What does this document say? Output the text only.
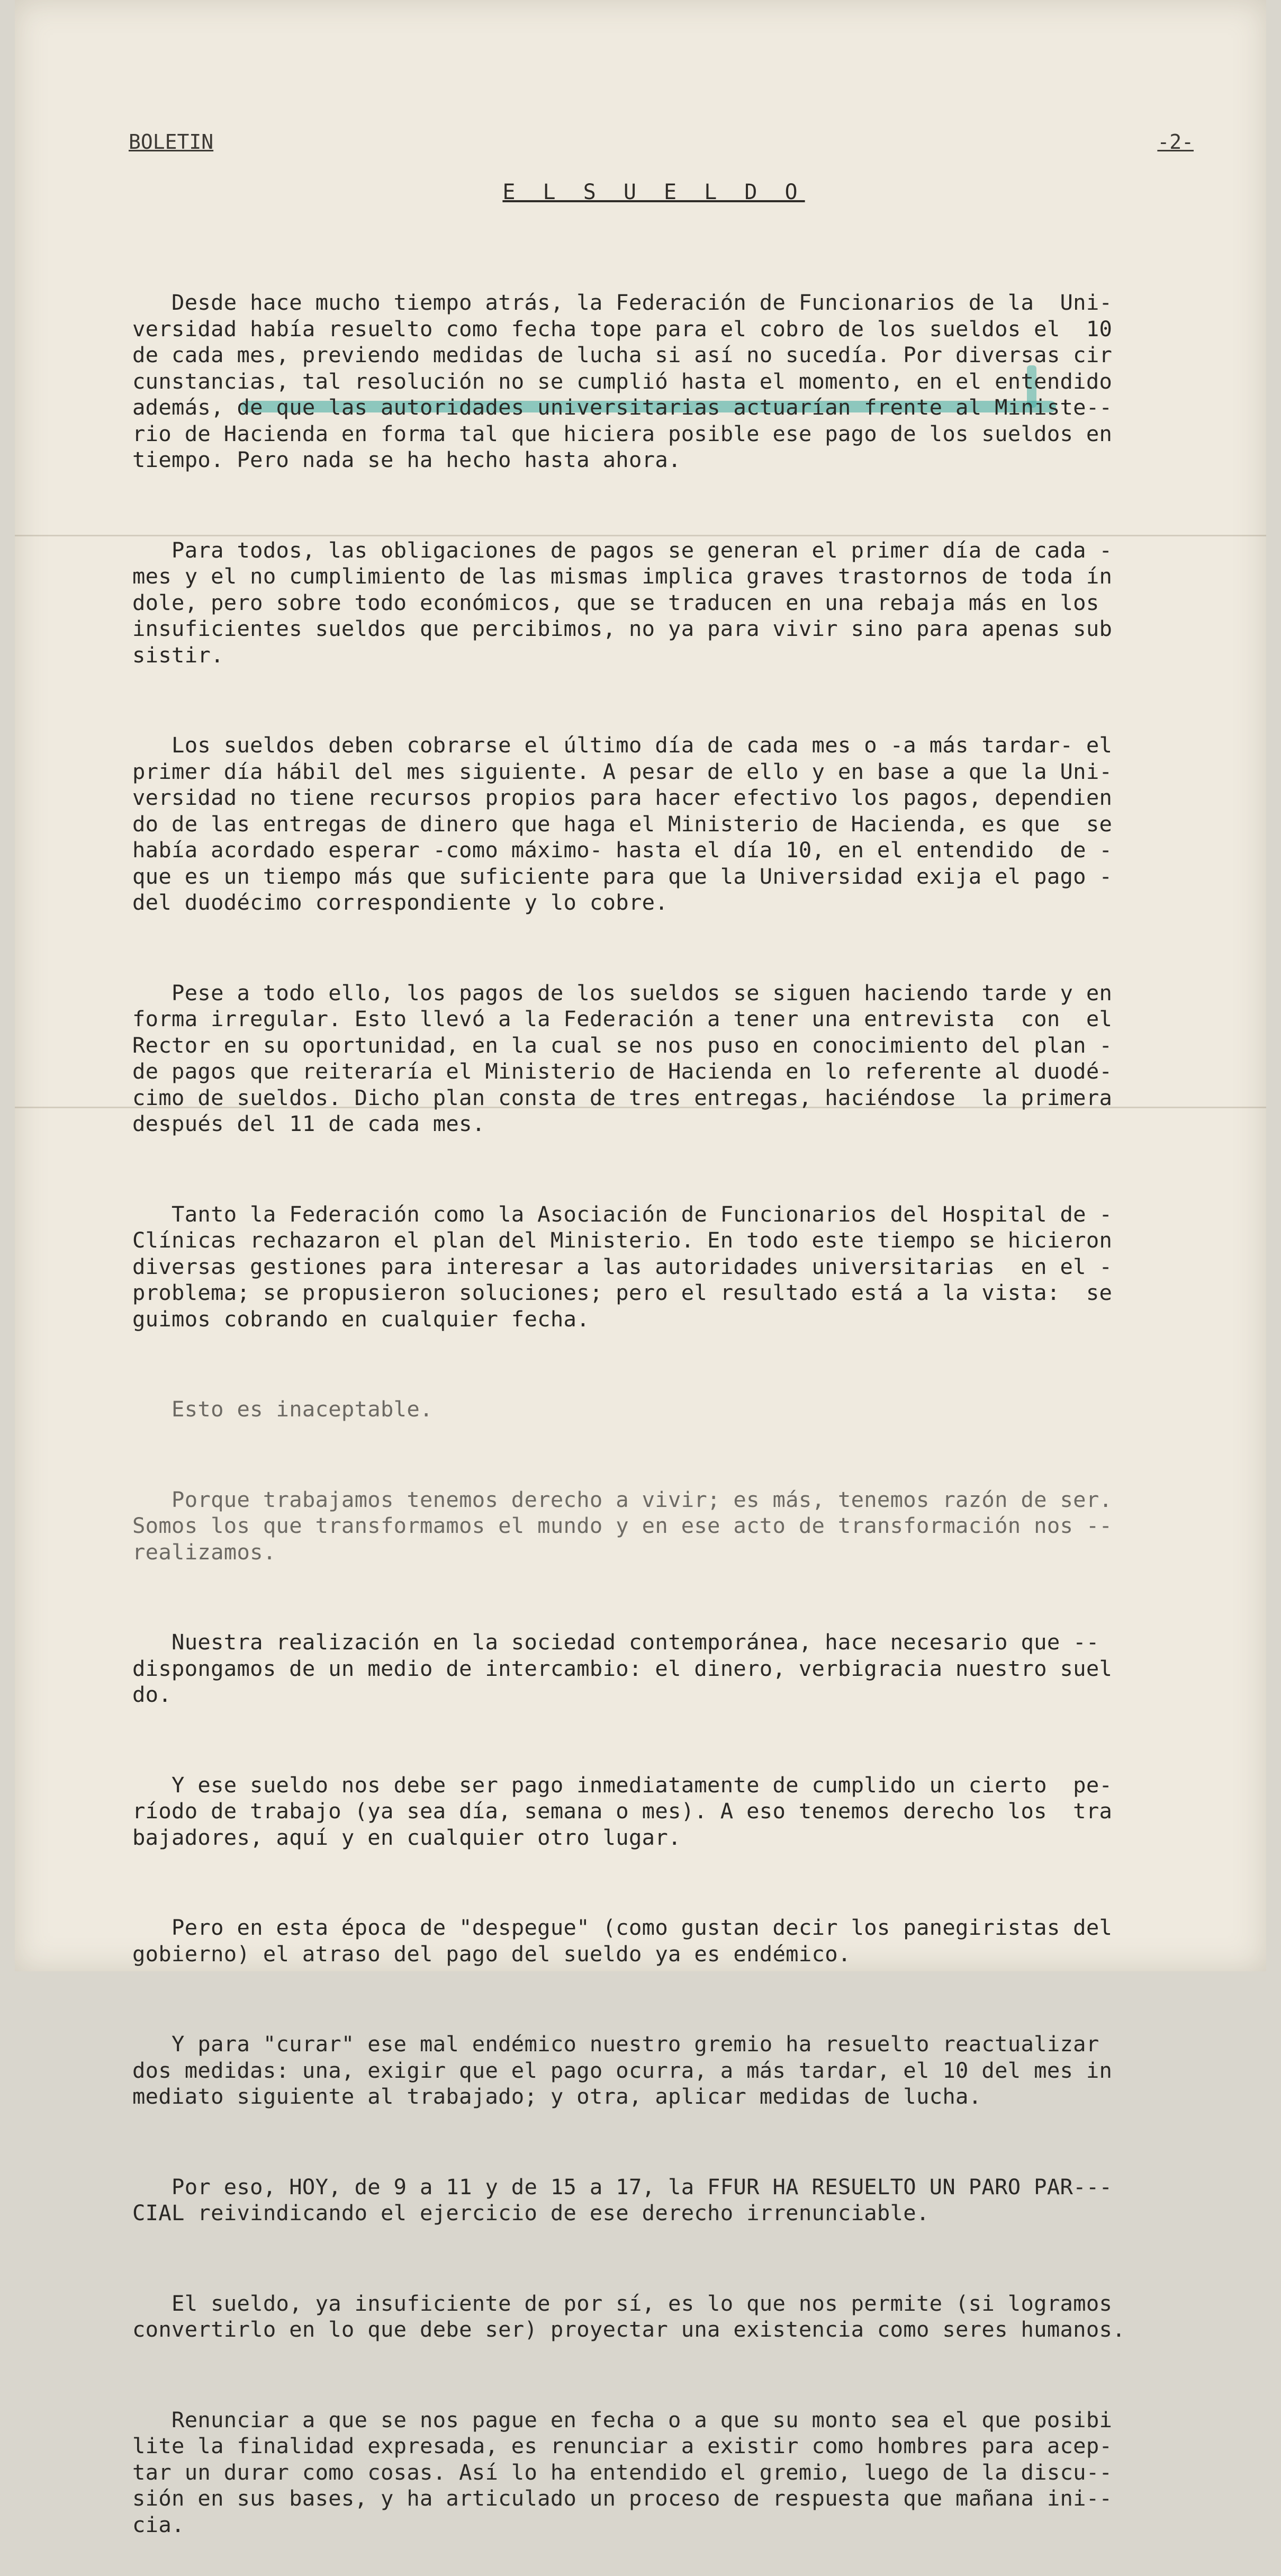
BOLETIN	-2-
E L S U E L D O

Desde hace mucho tiempo atrás, la Federación de Funcionarios de la  Uni-
versidad había resuelto como fecha tope para el cobro de los sueldos el  10
de cada mes, previendo medidas de lucha si así no sucedía. Por diversas cir
cunstancias, tal resolución no se cumplió hasta el momento, en el entendido
además, de que las autoridades universitarias actuarían frente al Ministe--
rio de Hacienda en forma tal que hiciera posible ese pago de los sueldos en
tiempo. Pero nada se ha hecho hasta ahora.

Para todos, las obligaciones de pagos se generan el primer día de cada -
mes y el no cumplimiento de las mismas implica graves trastornos de toda ín
dole, pero sobre todo económicos, que se traducen en una rebaja más en los
insuficientes sueldos que percibimos, no ya para vivir sino para apenas sub
sistir.

Los sueldos deben cobrarse el último día de cada mes o -a más tardar- el
primer día hábil del mes siguiente. A pesar de ello y en base a que la Uni-
versidad no tiene recursos propios para hacer efectivo los pagos, dependien
do de las entregas de dinero que haga el Ministerio de Hacienda, es que  se
había acordado esperar -como máximo- hasta el día 10, en el entendido  de -
que es un tiempo más que suficiente para que la Universidad exija el pago -
del duodécimo correspondiente y lo cobre.

Pese a todo ello, los pagos de los sueldos se siguen haciendo tarde y en
forma irregular. Esto llevó a la Federación a tener una entrevista  con  el
Rector en su oportunidad, en la cual se nos puso en conocimiento del plan -
de pagos que reiteraría el Ministerio de Hacienda en lo referente al duodé-
cimo de sueldos. Dicho plan consta de tres entregas, haciéndose  la primera
después del 11 de cada mes.

Tanto la Federación como la Asociación de Funcionarios del Hospital de -
Clínicas rechazaron el plan del Ministerio. En todo este tiempo se hicieron
diversas gestiones para interesar a las autoridades universitarias  en el -
problema; se propusieron soluciones; pero el resultado está a la vista:  se
guimos cobrando en cualquier fecha.

Esto es inaceptable.

Porque trabajamos tenemos derecho a vivir; es más, tenemos razón de ser.
Somos los que transformamos el mundo y en ese acto de transformación nos --
realizamos.

Nuestra realización en la sociedad contemporánea, hace necesario que --
dispongamos de un medio de intercambio: el dinero, verbigracia nuestro suel
do.

Y ese sueldo nos debe ser pago inmediatamente de cumplido un cierto  pe-
ríodo de trabajo (ya sea día, semana o mes). A eso tenemos derecho los  tra
bajadores, aquí y en cualquier otro lugar.

Pero en esta época de "despegue" (como gustan decir los panegiristas del
gobierno) el atraso del pago del sueldo ya es endémico.

Y para "curar" ese mal endémico nuestro gremio ha resuelto reactualizar
dos medidas: una, exigir que el pago ocurra, a más tardar, el 10 del mes in
mediato siguiente al trabajado; y otra, aplicar medidas de lucha.

Por eso, HOY, de 9 a 11 y de 15 a 17, la FFUR HA RESUELTO UN PARO PAR---
CIAL reivindicando el ejercicio de ese derecho irrenunciable.

El sueldo, ya insuficiente de por sí, es lo que nos permite (si logramos
convertirlo en lo que debe ser) proyectar una existencia como seres humanos.

Renunciar a que se nos pague en fecha o a que su monto sea el que posibi
lite la finalidad expresada, es renunciar a existir como hombres para acep-
tar un durar como cosas. Así lo ha entendido el gremio, luego de la discu--
sión en sus bases, y ha articulado un proceso de respuesta que mañana ini--
cia.
